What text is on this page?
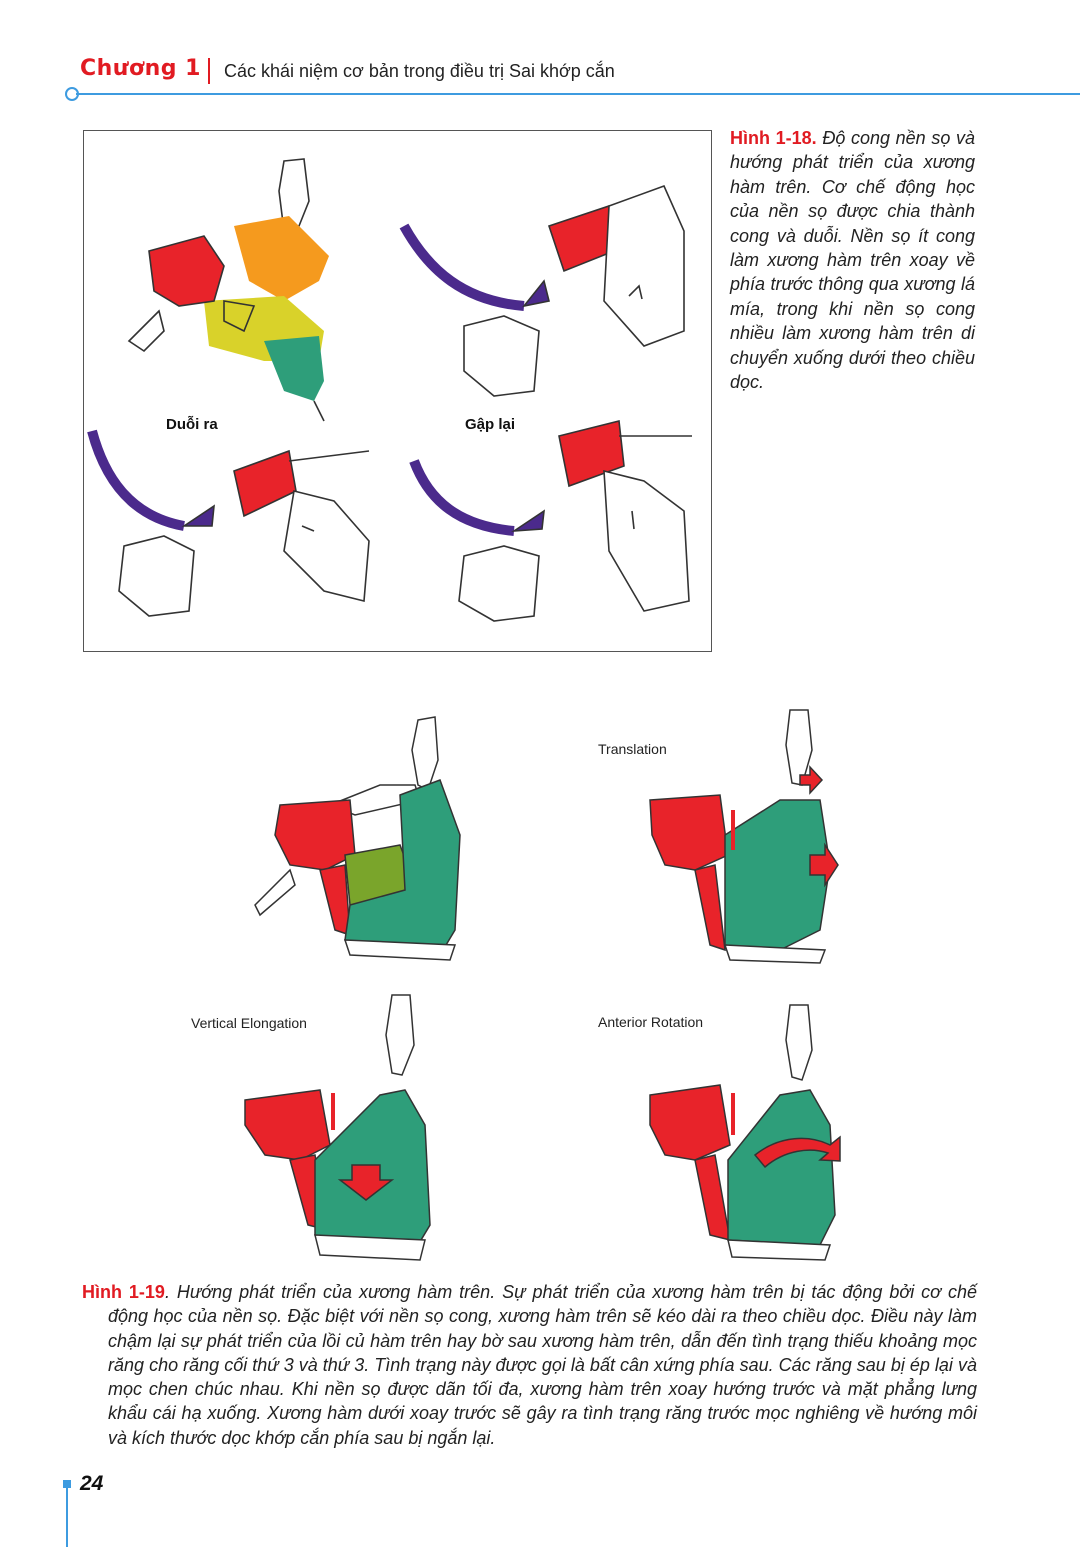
Chương 1 Các khái niệm cơ bản trong điều trị Sai khớp cắn
Duỗi ra	Gập lại
Hình 1-18. Độ cong nền sọ và hướng phát triển của xương hàm trên. Cơ chế động học của nền sọ được chia thành cong và duỗi. Nền sọ ít cong làm xương hàm trên xoay về phía trước thông qua xương lá mía, trong khi nền sọ cong nhiều làm xương hàm trên di chuyển xuống dưới theo chiều dọc.
Translation
Vertical Elongation	Anterior Rotation

Hình 1-19. Hướng phát triển của xương hàm trên. Sự phát triển của xương hàm trên bị tác động bởi cơ chế động học của nền sọ. Đặc biệt với nền sọ cong, xương hàm trên sẽ kéo dài ra theo chiều dọc. Điều này làm chậm lại sự phát triển của lồi củ hàm trên hay bờ sau xương hàm trên, dẫn đến tình trạng thiếu khoảng mọc răng cho răng cối thứ 3 và thứ 3. Tình trạng này được gọi là bất cân xứng phía sau. Các răng sau bị ép lại và mọc chen chúc nhau. Khi nền sọ được dãn tối đa, xương hàm trên xoay hướng trước và mặt phẳng lưng khẩu cái hạ xuống. Xương hàm dưới xoay trước sẽ gây ra tình trạng răng trước mọc nghiêng về hướng môi và kích thước dọc khớp cắn phía sau bị ngắn lại.

24
